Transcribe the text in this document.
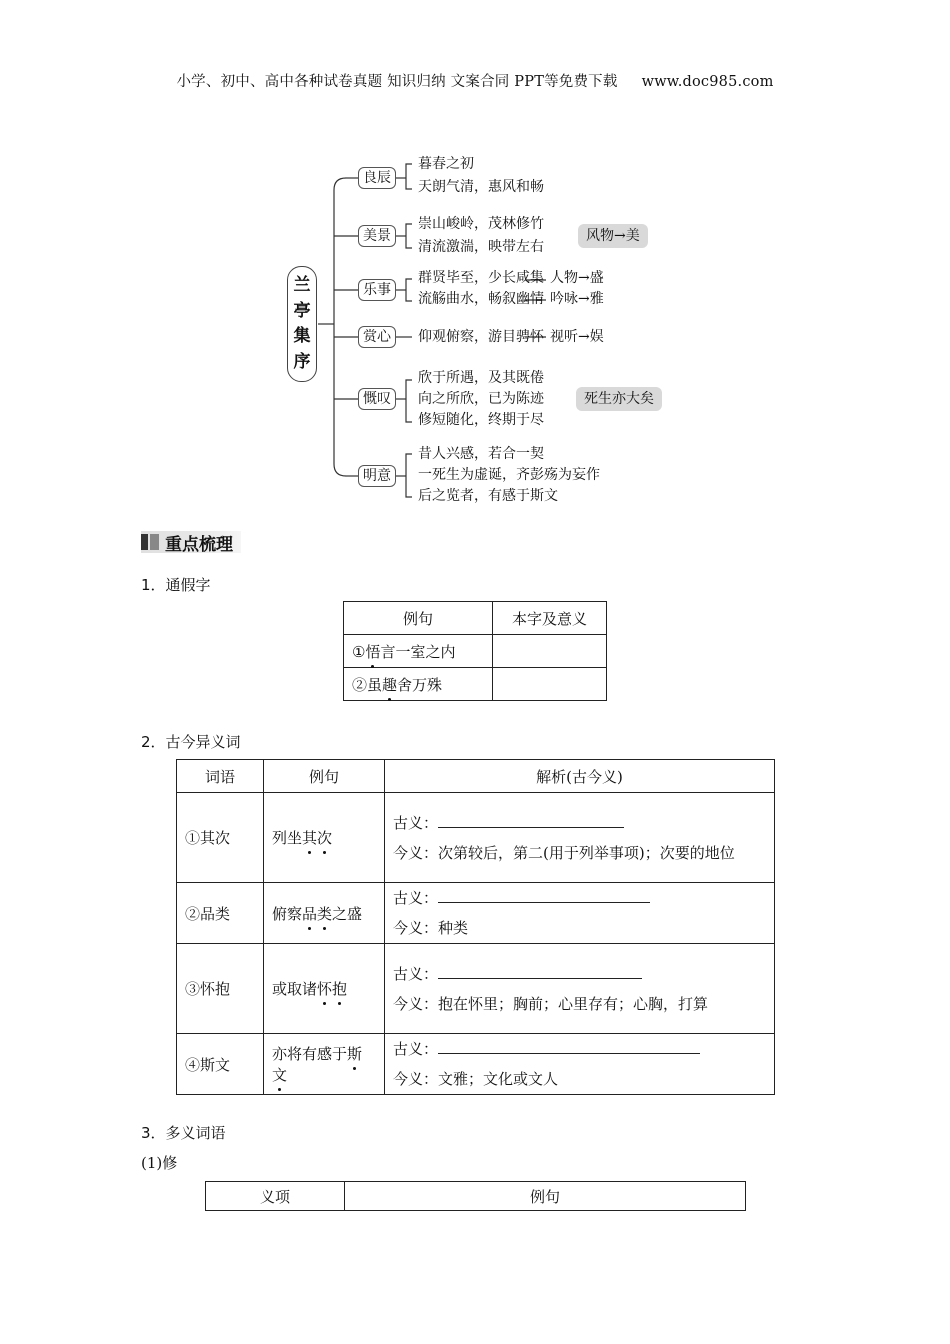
小学、初中、高中各种试卷真题 知识归纳 文案合同 PPT等免费下载 www.doc985.com
兰
亭
集
序
良辰
美景
乐事
赏心
慨叹
明意
暮春之初
天朗气清，惠风和畅
崇山峻岭，茂林修竹
清流激湍，映带左右
风物→美
群贤毕至，少长咸集
流觞曲水，畅叙幽情
人物→盛
吟咏→雅
仰观俯察，游目骋怀 视听→娱
欣于所遇，及其既倦
向之所欣，已为陈迹
修短随化，终期于尽
死生亦大矣
昔人兴感，若合一契
一死生为虚诞，齐彭殇为妄作
后之览者，有感于斯文
重点梳理
1．通假字
例句	本字及意义
①悟言一室之内	
②虽趣舍万殊	
2．古今异义词
词语	例句	解析(古今义)
①其次	列坐其次	古义：
今义：次第较后，第二(用于列举事项)；次要的地位

②品类	俯察品类之盛	古义：
今义：种类

③怀抱	或取诸怀抱	古义：
今义：抱在怀里；胸前；心里存有；心胸，打算

④斯文	亦将有感于斯文	古义：
今义：文雅；文化或文人
3．多义词语
(1)修
义项	例句
